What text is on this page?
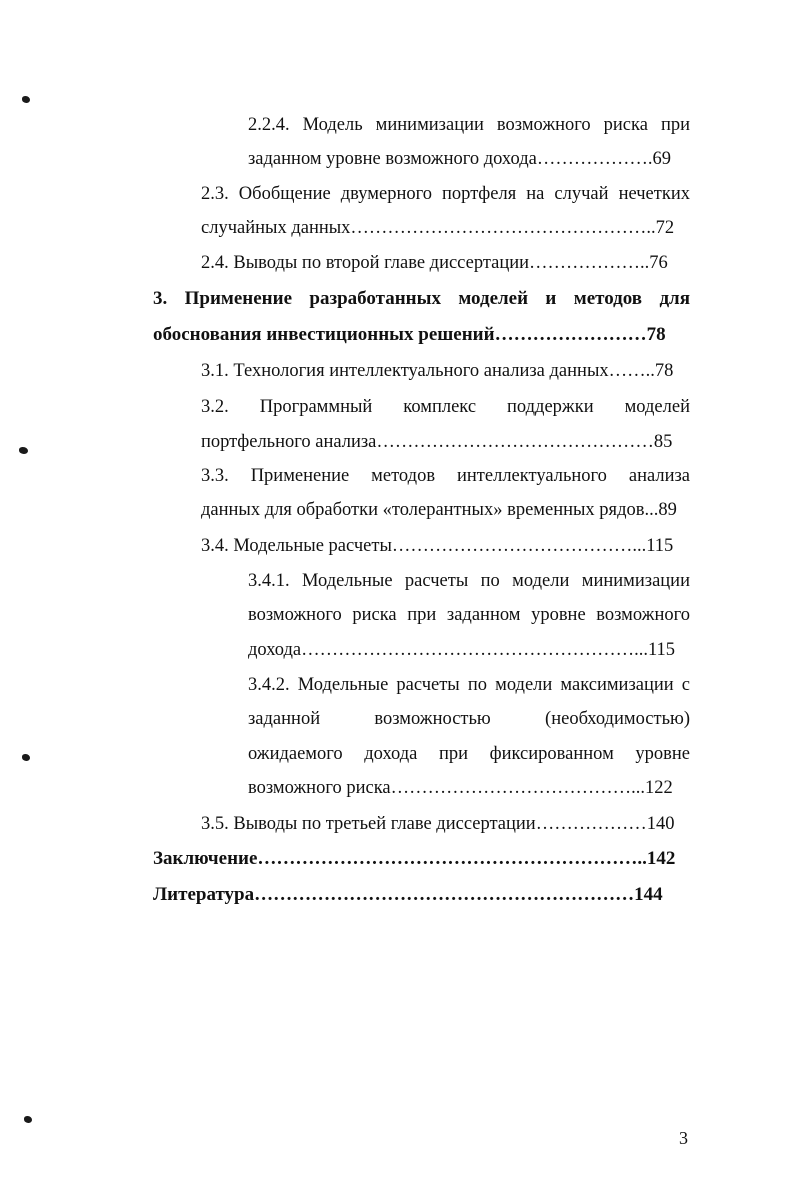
2.2.4. Модель минимизации возможного риска при
заданном уровне возможного дохода……………….69
2.3. Обобщение двумерного портфеля на случай нечетких
случайных данных…………………………………………..72
2.4. Выводы по второй главе диссертации………………..76
3. Применение разработанных моделей и методов для
обоснования инвестиционных решений……………………78
3.1. Технология интеллектуального анализа данных……..78
3.2. Программный комплекс поддержки моделей
портфельного анализа………………………………………85
3.3. Применение методов интеллектуального анализа
данных для обработки «толерантных» временных рядов...89
3.4. Модельные расчеты…………………………………...115
3.4.1. Модельные расчеты по модели минимизации
возможного риска при заданном уровне возможного
дохода………………………………………………...115
3.4.2. Модельные расчеты по модели максимизации с
заданной возможностью (необходимостью)
ожидаемого дохода при фиксированном уровне
возможного риска…………………………………...122
3.5. Выводы по третьей главе диссертации………………140
Заключение……………………………………………………..142
Литература……………………………………………………144
3
